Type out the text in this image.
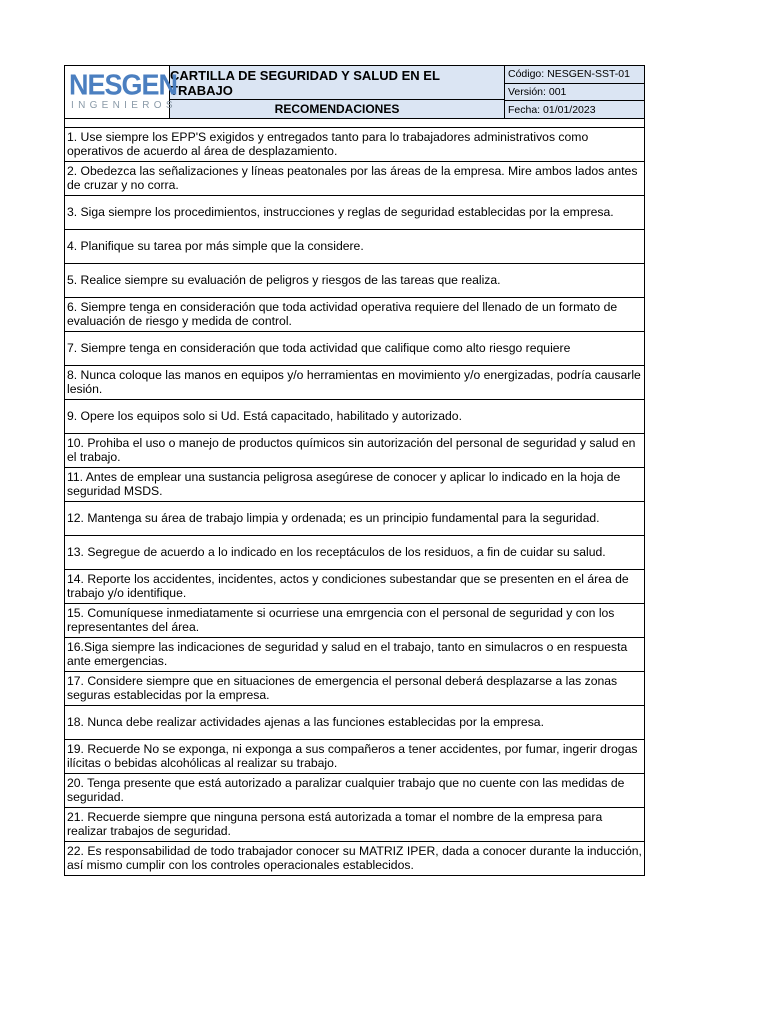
NESGEN
INGENIEROS
CARTILLA DE SEGURIDAD Y SALUD EN EL TRABAJO
RECOMENDACIONES
Código: NESGEN-SST-01
Versión: 001
Fecha: 01/01/2023
1. Use siempre los EPP'S exigidos y entregados tanto para lo trabajadores administrativos como operativos de acuerdo al área de desplazamiento.
2. Obedezca las señalizaciones y líneas peatonales por las áreas de la empresa. Mire ambos lados antes de cruzar y no corra.
3. Siga siempre los procedimientos, instrucciones y reglas de seguridad establecidas por la empresa.
4. Planifique su tarea por más simple que la considere.
5. Realice siempre su evaluación de peligros y riesgos de las tareas que realiza.
6. Siempre tenga en consideración que toda actividad operativa requiere del llenado de un formato de evaluación de riesgo y medida de control.
7. Siempre tenga en consideración que toda actividad que califique como alto riesgo requiere
8. Nunca coloque las manos en equipos y/o herramientas en movimiento y/o energizadas, podría causarle lesión.
9. Opere los equipos solo si Ud. Está capacitado, habilitado y autorizado.
10. Prohiba el uso o manejo de productos químicos sin autorización del personal de seguridad y salud en el trabajo.
11. Antes de emplear una sustancia peligrosa asegúrese de conocer y aplicar lo indicado en la hoja de seguridad MSDS.
12. Mantenga su área de trabajo limpia y ordenada; es un principio fundamental para la seguridad.
13. Segregue de acuerdo a lo indicado en los receptáculos de los residuos, a fin de cuidar su salud.
14. Reporte los accidentes, incidentes, actos y condiciones subestandar que se presenten en el área de trabajo y/o identifique.
15. Comuníquese inmediatamente si ocurriese una emrgencia con el personal de seguridad y con los representantes del área.
16.Siga siempre las indicaciones de seguridad y salud en el trabajo, tanto en simulacros o en respuesta ante emergencias.
17. Considere siempre que en situaciones de emergencia el personal deberá desplazarse a las zonas seguras establecidas por la empresa.
18. Nunca debe realizar actividades ajenas a las funciones establecidas por la empresa.
19. Recuerde No se exponga, ni exponga a sus compañeros a tener accidentes, por fumar, ingerir drogas ilícitas o bebidas alcohólicas al realizar su trabajo.
20. Tenga presente que está autorizado a paralizar cualquier trabajo que no cuente con las medidas de seguridad.
21. Recuerde siempre que ninguna persona está autorizada a tomar el nombre de la empresa para realizar trabajos de seguridad.
22. Es responsabilidad de todo trabajador conocer su MATRIZ IPER, dada a conocer durante la inducción, así mismo cumplir con los controles operacionales establecidos.
